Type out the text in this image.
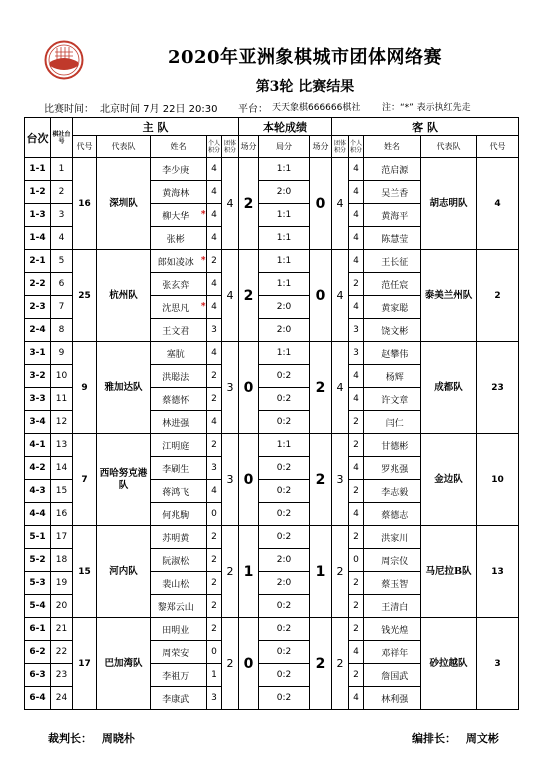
2020年亚洲象棋城市团体网络赛
第3轮 比赛结果
比赛时间： 北京时间 7月 22日 20:30 平台： 天天象棋666666棋社 注：“*” 表示执红先走
台次	棋社台号	主 队						本轮成绩			客 队					
		代号	代表队	姓名		个人积分	团体积分	场分	局分	场分	团体积分	个人积分	姓名		代表队	代号
1-1	1	16	深圳队	李少庚		4	4	2	1:1	0	4	4		范启源	胡志明队	4
1-2	2			黄海林		4			2:0			4		吴兰香		
1-3	3			柳大华	*	4			1:1			4		黄海平		
1-4	4			张彬		4			1:1			4		陈慧莹		
2-1	5	25	杭州队	郎如凌冰	*	2	4	2	1:1	0	4	4		王长征	泰美兰州队	2
2-2	6			张玄弈		4			1:1			2		范任宸		
2-3	7			沈思凡	*	4			2:0			4		黄家聪		
2-4	8			王文君		3			2:0			3		饶文彬		
3-1	9	9	雅加达队	塞肮		4	3	0	1:1	2	4	3		赵攀伟	成都队	23
3-2	10			洪聪法		2			0:2			4		杨辉		
3-3	11			蔡德怀		2			0:2			4		许文章		
3-4	12			林进强		4			0:2			2		闫仁		
4-1	13	7	西哈努克港队	江明庭		2	3	0	1:1	2	3	2		甘德彬	金边队	10
4-2	14			李刷生		3			0:2			4		罗兆强		
4-3	15			蒋鸿飞		4			0:2			2		李志毅		
4-4	16			何兆駒		0			0:2			4		蔡德志		
5-1	17	15	河内队	苏明黄		2	2	1	0:2	1	2	2		洪家川	马尼拉B队	13
5-2	18			阮淑松		2			2:0			0		周宗仪		
5-3	19			裴山松		2			2:0			2		蔡玉智		
5-4	20			黎郑云山		2			0:2			2		王清白		
6-1	21	17	巴加湾队	田明业		2	2	0	0:2	2	2	2		钱光煌	砂拉越队	3
6-2	22			周荣安		0			0:2			4		邓祥年		
6-3	23			李祖万		1			0:2			2		詹国武		
6-4	24			李康武		3			0:2			4		林利强		
裁判长： 周晓朴	编排长： 周文彬
